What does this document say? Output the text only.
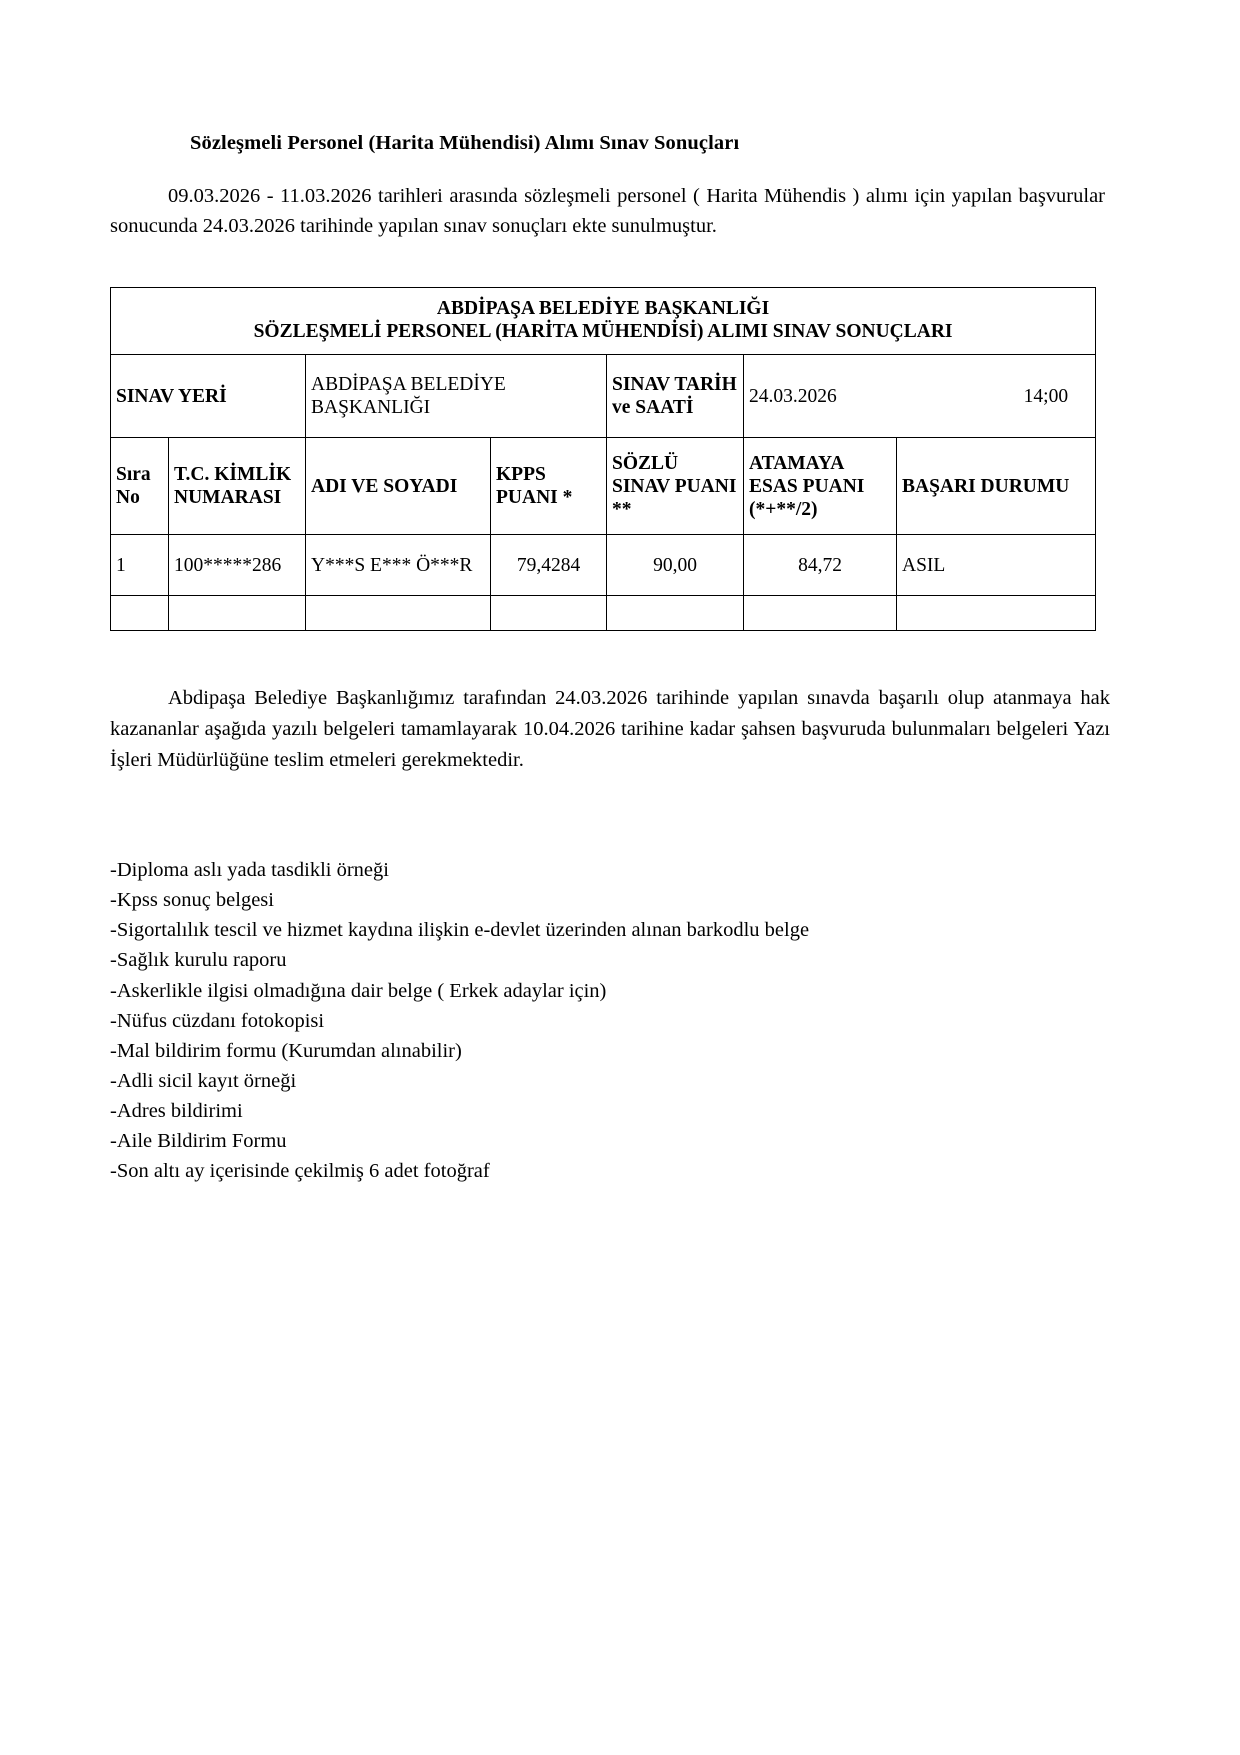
Sözleşmeli Personel (Harita Mühendisi) Alımı Sınav Sonuçları
09.03.2026 - 11.03.2026 tarihleri arasında sözleşmeli personel ( Harita Mühendis ) alımı için yapılan başvurular sonucunda 24.03.2026 tarihinde yapılan sınav sonuçları ekte sunulmuştur.
ABDİPAŞA BELEDİYE BAŞKANLIĞI
SÖZLEŞMELİ PERSONEL (HARİTA MÜHENDİSİ) ALIMI SINAV SONUÇLARI						

SINAV YERİ		ABDİPAŞA BELEDİYE BAŞKANLIĞI		SINAV TARİH ve SAATİ	24.03.2026 14;00	

Sıra No	T.C. KİMLİK NUMARASI	ADI VE SOYADI	KPPS PUANI *	SÖZLÜ SINAV PUANI **	ATAMAYA ESAS PUANI (*+**/2)	BAŞARI DURUMU
1	100*****286	Y***S E*** Ö***R	79,4284	90,00	84,72	ASIL

Abdipaşa Belediye Başkanlığımız tarafından 24.03.2026 tarihinde yapılan sınavda başarılı olup atanmaya hak kazananlar aşağıda yazılı belgeleri tamamlayarak 10.04.2026 tarihine kadar şahsen başvuruda bulunmaları belgeleri Yazı İşleri Müdürlüğüne teslim etmeleri gerekmektedir.
-Diploma aslı yada tasdikli örneği
-Kpss sonuç belgesi
-Sigortalılık tescil ve hizmet kaydına ilişkin e-devlet üzerinden alınan barkodlu belge
-Sağlık kurulu raporu
-Askerlikle ilgisi olmadığına dair belge ( Erkek adaylar için)
-Nüfus cüzdanı fotokopisi
-Mal bildirim formu (Kurumdan alınabilir)
-Adli sicil kayıt örneği
-Adres bildirimi
-Aile Bildirim Formu
-Son altı ay içerisinde çekilmiş 6 adet fotoğraf
